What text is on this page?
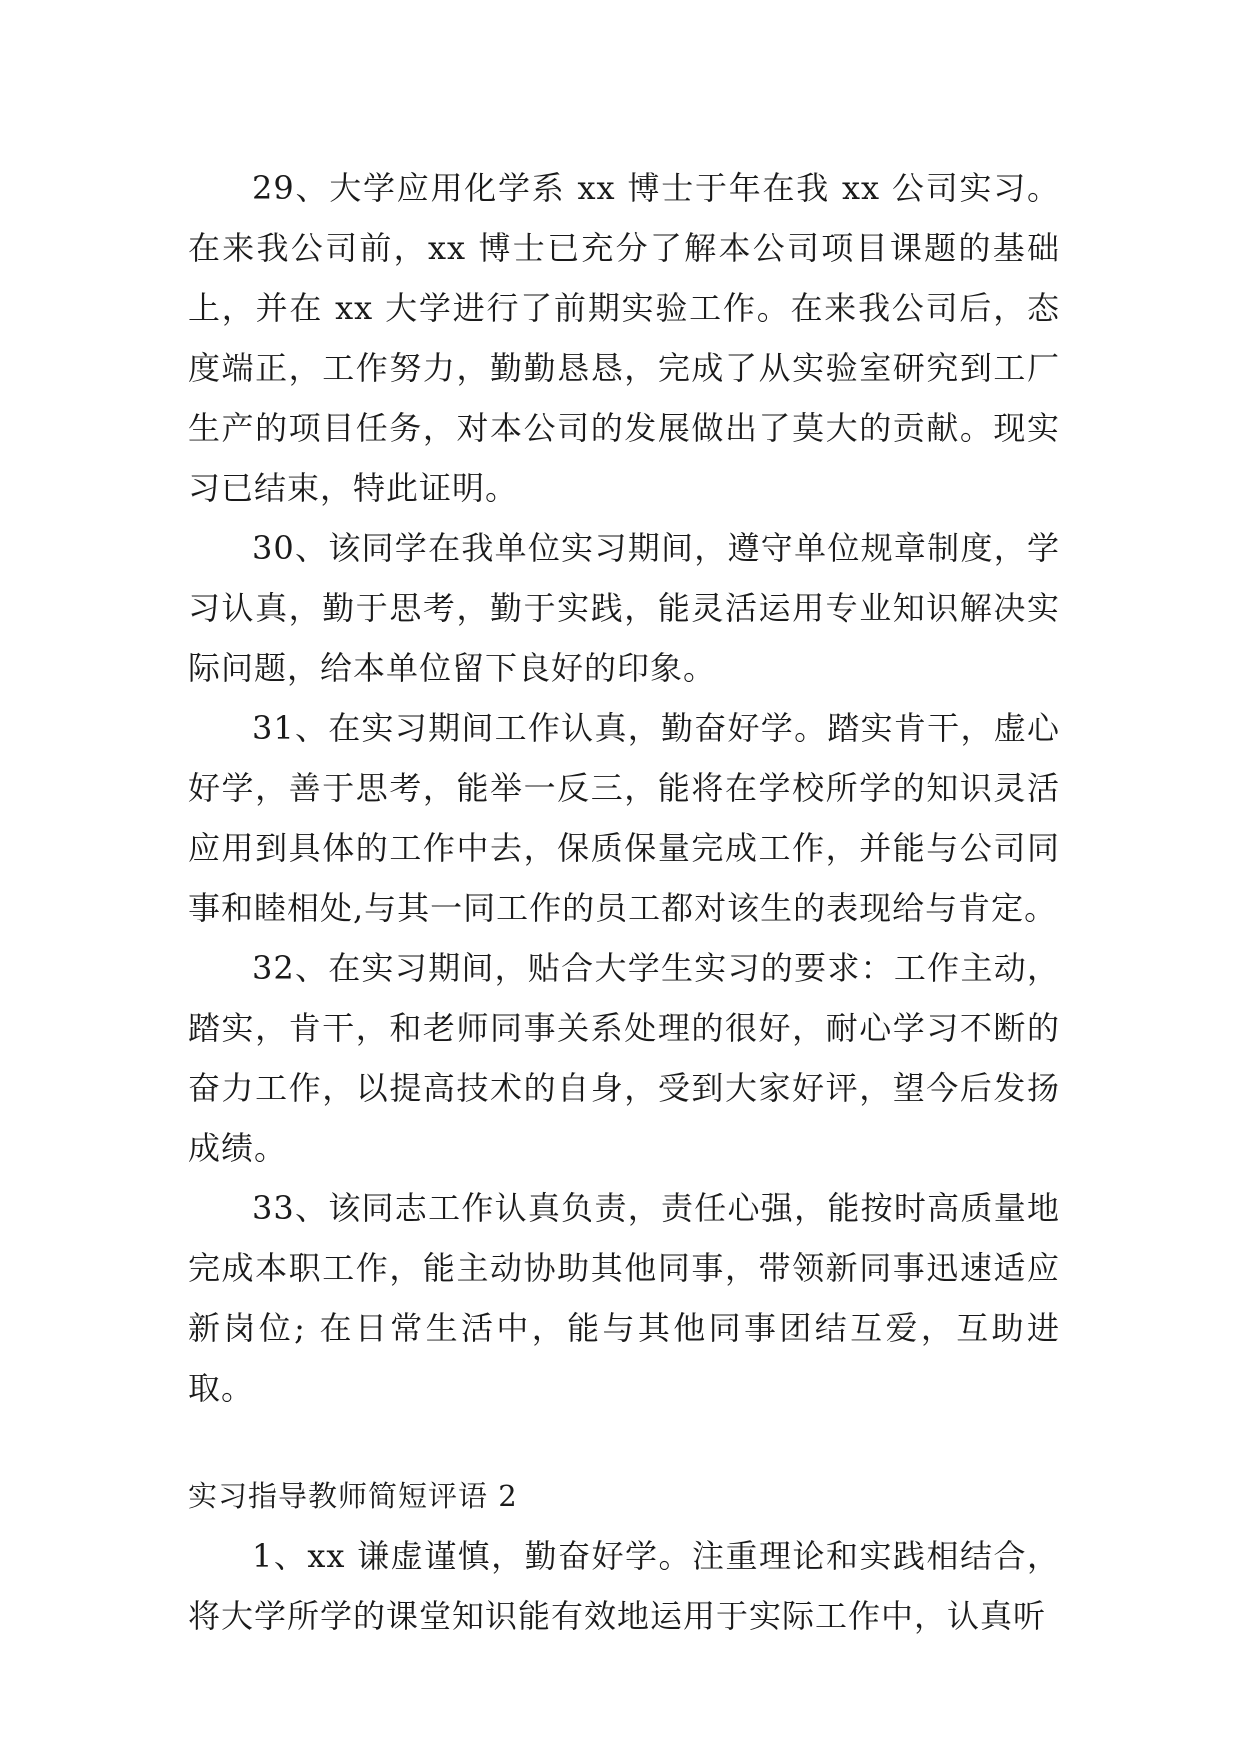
29、大学应用化学系 xx 博士于年在我 xx 公司实习。在来我公司前，xx 博士已充分了解本公司项目课题的基础上，并在 xx 大学进行了前期实验工作。在来我公司后，态度端正，工作努力，勤勤恳恳，完成了从实验室研究到工厂生产的项目任务，对本公司的发展做出了莫大的贡献。现实习已结束，特此证明。

30、该同学在我单位实习期间，遵守单位规章制度，学习认真，勤于思考，勤于实践，能灵活运用专业知识解决实际问题，给本单位留下良好的印象。

31、在实习期间工作认真，勤奋好学。踏实肯干，虚心好学，善于思考，能举一反三，能将在学校所学的知识灵活应用到具体的工作中去，保质保量完成工作，并能与公司同事和睦相处,与其一同工作的员工都对该生的表现给与肯定。

32、在实习期间，贴合大学生实习的要求：工作主动，踏实，肯干，和老师同事关系处理的很好，耐心学习不断的奋力工作，以提高技术的自身，受到大家好评，望今后发扬成绩。

33、该同志工作认真负责，责任心强，能按时高质量地完成本职工作，能主动协助其他同事，带领新同事迅速适应新岗位; 在日常生活中，能与其他同事团结互爱，互助进取。

实习指导教师简短评语 2

1、xx 谦虚谨慎，勤奋好学。注重理论和实践相结合，将大学所学的课堂知识能有效地运用于实际工作中，认真听
